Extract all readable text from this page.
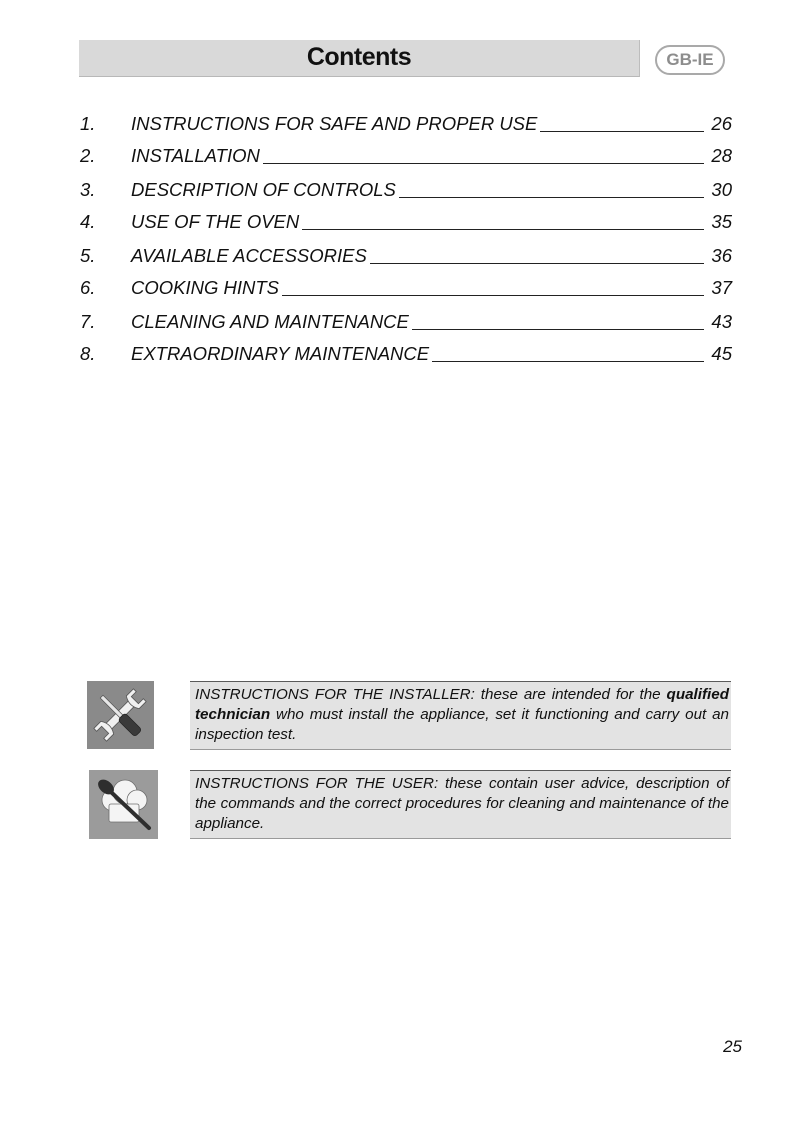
Contents	GB-IE
1.	INSTRUCTIONS FOR SAFE AND PROPER USE	26
2.	INSTALLATION	28
3.	DESCRIPTION OF CONTROLS	30
4.	USE OF THE OVEN	35
5.	AVAILABLE ACCESSORIES	36
6.	COOKING HINTS	37
7.	CLEANING AND MAINTENANCE	43
8.	EXTRAORDINARY MAINTENANCE	45
INSTRUCTIONS FOR THE INSTALLER: these are intended for the qualified technician who must install the appliance, set it functioning and carry out an inspection test.
INSTRUCTIONS FOR THE USER: these contain user advice, description of the commands and the correct procedures for cleaning and maintenance of the appliance.
25
